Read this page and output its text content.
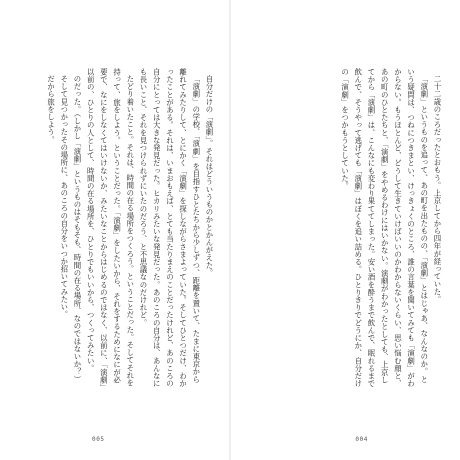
自分だけの「演劇」。それはどういうものかとかんがえた。

「演劇」の学校、「演劇」を目指すひとたちから少しずつ、距離を置いて、たまに東京から離れてみたりして、とにかく「演劇」を探しながらさまよっていた。そしてひとつだけ、わかったことがある。それは、いまおもえば、とても当たりまえのことだったけれど、あのころの自分にとっては大きな発見だった。ヒカリみたいな発見だった。あのころの自分は、あんなにも長いこと、それを見つけられずにいたのだろう、と不思議なのだけれど。

たどり着いたこと。それは、時間の在る場所をつくろう。ということだった。そしてそれを持って、旅をしよう。ということだった。「演劇」をしたいから、それをするためになにが必要で、なにをしなくてはいけないか、みたいなことからはじめるのではなく、以前に、「演劇」以前の、ひとりの人として、時間の在る場所を、ひとりでもいいから、つくってみたい。

のだった。（しかし「演劇」というものはそもそも、時間の在る場所、なのではないか？）

そして見つかったその場所に、あのころの自分をいつか招いてみたい。

だから旅をしよう。

005

二十二歳のころだったとおもう。上京してから四年が経っていた。

「演劇」というものを追って、あの町を出たものの、「演劇」とはじゃあ、なんなのか。という疑問は、つねにつきまとい、けっきょくのところ、誰の言葉を聞いてみても「演劇」がわからない。もうほとんど、どうして生きていけばいいのかわからないくらい、思い悩む顔と、あの町のひとたちと、「演劇」をやめるわけにはいかない。演劇がわかったとしても、上京してから「演劇」は、こんなにも変わり果ててしまった。安い酒を酔うまで飲んで、眠れるまで飲んで、そうやって逃げても「演劇」はぼくを追い詰める。ひとりきりでどうにか、自分だけの「演劇」をつかもうとしていた。

004
